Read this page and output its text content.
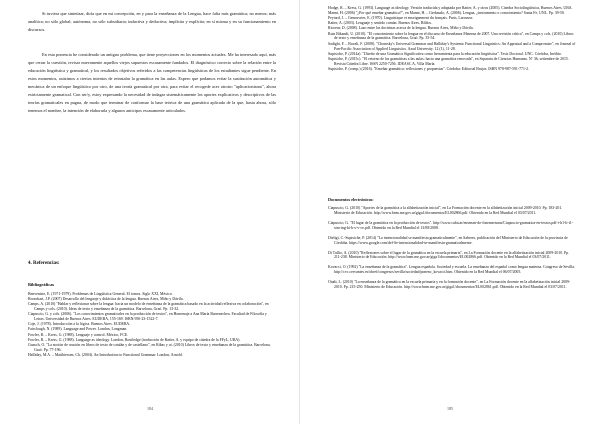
Si tuviera que sintetizar, diría que en mi concepción, en y para la enseñanza de la Lengua, hace falta más gramática; no menos; más analítica; no sólo global; autónoma, no sólo subsidiaria; inductiva y deductiva; implícita y explícita; en sí misma y en su funcionamiento en discursos.

En esta ponencia he considerado un antiguo problema, que tiene proyecciones en los momentos actuales. Me ha interesado aquí, más que cerrar la cuestión, revisar nuevamente aquellos viejos supuestos escasamente fundados. El diagnóstico correcto sobre la relación entre la educación lingüística y gramatical, y los resultados objetivos referidos a las competencias lingüísticas de los estudiantes sigue pendiente. En estos momentos, asistimos a ciertos intentos de reinstalar la gramática en las aulas. Espero que podamos evitar la sustitución automática y mecánica de un enfoque lingüístico por otro, de una teoría gramatical por otra, para evitar el recogede acer otrotro "aplicacionismo", ahora estrictamente gramatical. Con ser/y, estoy expresando la necesidad de indagar sistemáticamente los aportes explicativos y descriptivos de las teorías gramaticales en pugna, de modo que terminar de conformar la base teórica de una gramática aplicada de la que, hasta ahora, sólo tenemos el nombre, la intención de elaborarla y algunos anticipos escasamente articulados.

4. Referencias:
Bibliográficas
Benveniste, E. (1971-1979). Problemas de Lingüística General. El tomos. Siglo XXI, México.
Bronckart, J.P. (2007) Desarrollo del lenguaje y didáctica de la lengua. Buenos Aires, Miño y Dávila.
Camps, A. (2010) "Hablar y reflexionar sobre la lengua: hacia un modelo de enseñanza de la gramática basado en la actividad reflexiva en colaboración", en Camps y cols. (2010). Ideas de texto y enseñanza de la gramática. Barcelona, Graó. Pp. 13-32.
Ciapuscio, G. y cols. (2006). "Los conocimientos gramaticales en la producción de textos", en Homenaje a Ana María Barrenechea. Facultad de Filosofía y Letras. Universidad de Buenos Aires. EUDEBA, 155-169. ISBN:950-23-1522-7.
Coje, J. (1978). Introducción a la lógica. Buenos Aires. EUDEBA.
Fairclough, N. (1989). Language and Power. London, Longman.
Fowler, R. – Kress, G. (1988). Lenguaje y control. México, FCE.
Fowler, R. – Kress, G. (1988). Language as ideology. London, Routledge (traducción de Raiter, A. y equipo de cátedra de la FFyL, UBA).
Guasch, O. "La noción de oración en libros de texto de catalán y de castellano", en Ribas y ot. (2010) Libros de texto y enseñanza de la gramática. Barcelona, Graó. Pp. 77-196.
Halliday, M.A. – Matthiessen, Ch. (2004). An Introduction to Functional Grammar. London, Arnold.
184
Hodge, R. – Kress, G. (1993). Language as ideology. Versión traducida y adaptada por Raiter, A. y otros (2005). Cátedra Sociolingüística, Buenos Aires, UBA.
Manni, H. (2006) "¿Por qué enseñar gramática?", en Manni, H. – Gerbaudo, A. (2006). Lengua, ¿instrumento o conocimiento? Santa Fe, UNL. Pp. 39-50.
Peytard, J. – Genouvrier, E. (1970). Linguistique et enseignement du français. Paris, Larousse.
Raiter, A. (2003). Lenguaje y sentido común. Buenos Aires, Biblos.
Ricoeur, D. (2008). Lazo entre las doctrinas acerca de la lengua. Buenos Aires, Miño y Dávila.
Ruiz Bikandi, U. (2010). "El conocimiento sobre la lengua en el discurso de Enseñanza Materna de 2007. Una revisión crítica", en Camps y cols. (2010) Libros de texto y enseñanza de la gramática. Barcelona, Graó. Pp. 35-54.
Sadighi, F. – Bavali, F. (2008). "Chomsky's Universal Grammar and Halliday's Systemic Functional Linguistics: An Appraisal and a Compromise", en Journal of Pan-Pacific Association of Applied Linguistics. Azad University. 12 (1), 11-28.
Supisiche, P. (2014a). "Diseño de una Gramática Significativa como herramienta para la educación lingüística". Tesis Doctoral. UNC. Córdoba, Inédito.
Supisiche, P. (2015c). "El retorno de las gramáticas a las aulas: hacia una gramática renovada", en Separata de Ciencias Humanas. Nº 36, setiembre de 2015. Revista Cátedra Libre. ISSN 2250-7256. IDEASC A, Villa María.
Supisiche, P. (comp.) (2016). "Enseñar gramática: reflexiones y propuestas". Córdoba: Editorial Brujas. ISBN 978-987-591-771-2.
Documentos electrónicos:
Ciapuscio, G. (2010) "Aportes de la gramática a la alfabetización inicial", en La Formación docente en la alfabetización inicial 2009-2010. Pp. 183-201. Ministerio de Educación. http://www.bnm.me.gov.ar/giga1/documentos/EL002866.pdf. Obtenido en la Red Mundial el 03/07/2011.
Ciapuscio, G. "El lugar de la gramática en la producción de textos". http://www.cuba.ar/ensenan-do-fonrmerturas/Ciapuscio-gramatica-en-textos.pdf-i-h1-li-t1-sim-ing-ki-k-s-v-ce.pdf. Obtenido en la Red Mundial el 13/08/2008.
Dieligi, C.-Supisiche, P. (2014) "La intencionalidad se manifiesta gramaticalmente", en Saberes, publicación del Ministerio de Educación de la provincia de Córdoba. https://www.google.com/del-Se-intencionalidad-se-manifiesta-gramaticalmente.
Di Tullio, A. (2010) "Reflexiones sobre el lugar de la gramática en la escuela primaria", en La Formación docente en la alfabetización inicial 2009-2010. Pp. 211-238. Ministerio de Educación. http://www.bnm.me.gov.ar/giga1/documentos/EL002866.pdf. Obtenido en la Red Mundial el 03/07/2011.
Kovacci, O. (1992) "La enseñanza de la gramática". Lengua española. Sociedad y escuela. La enseñanza del español como lengua materna. Congreso de Sevilla. http://cvc.cervantes.es/obref/congresos/sevilla/sociedad/ponenc_kovacci.htm. Obtenido en la Red Mundial el 06/07/2005.
Otañi, L. (2010) "La enseñanza de la gramática en la escuela primaria y en la formación docente", en La Formación docente en la alfabetización inicial 2009-2010. Pp. 215-250. Ministerio de Educación. http://www.bnm.me.gov.ar/giga1/documentos/EL002861.pdf. Obtenido en la Red Mundial el 03/07/2011.
185
